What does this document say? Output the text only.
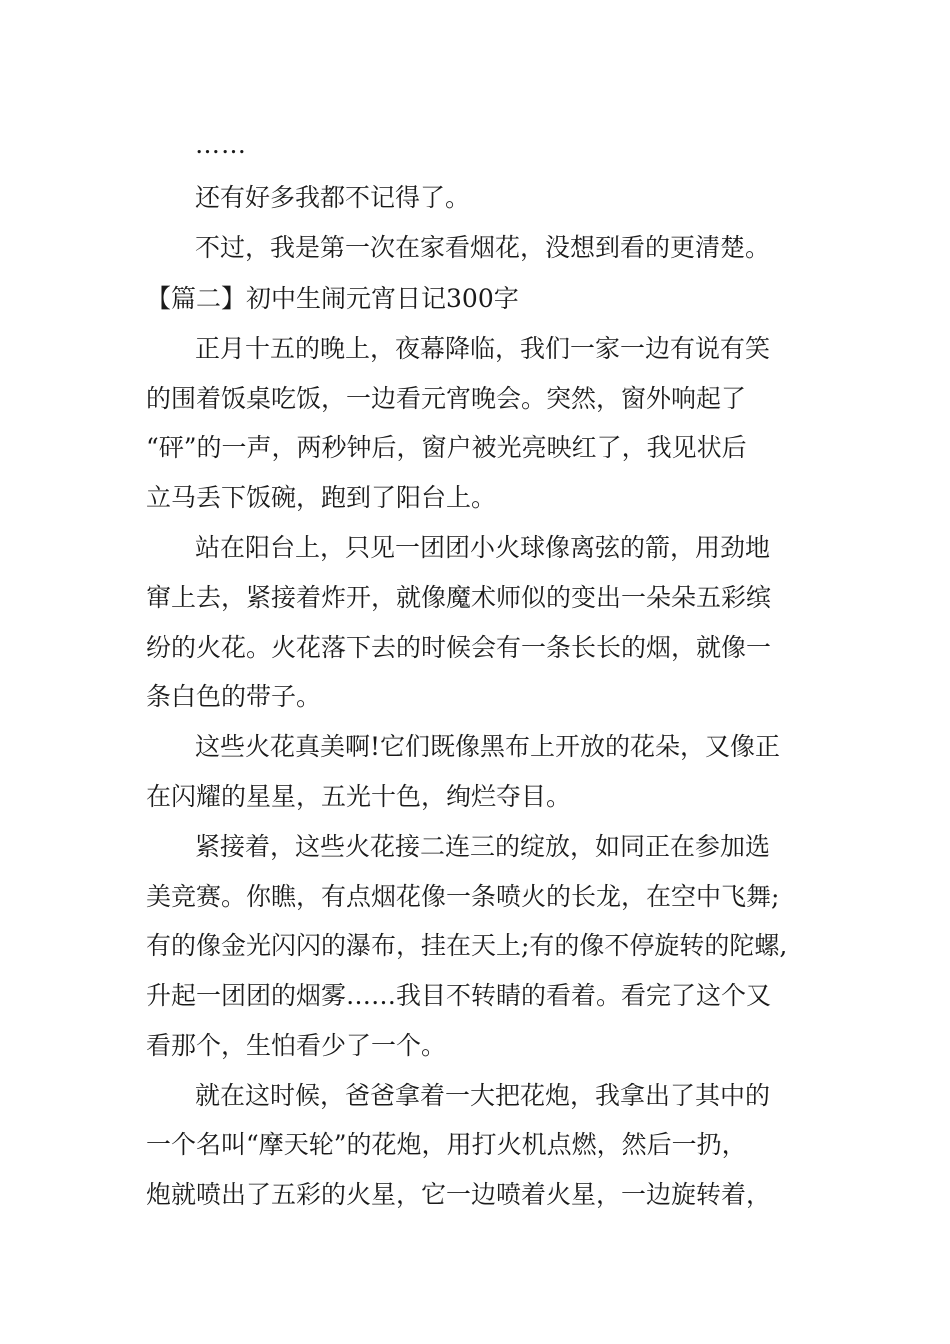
……
还有好多我都不记得了。
不过，我是第一次在家看烟花，没想到看的更清楚。
【篇二】初中生闹元宵日记300字
正月十五的晚上，夜幕降临，我们一家一边有说有笑
的围着饭桌吃饭，一边看元宵晚会。突然，窗外响起了
“砰”的一声，两秒钟后，窗户被光亮映红了，我见状后
立马丢下饭碗，跑到了阳台上。
站在阳台上，只见一团团小火球像离弦的箭，用劲地
窜上去，紧接着炸开，就像魔术师似的变出一朵朵五彩缤
纷的火花。火花落下去的时候会有一条长长的烟，就像一
条白色的带子。
这些火花真美啊!它们既像黑布上开放的花朵，又像正
在闪耀的星星，五光十色，绚烂夺目。
紧接着，这些火花接二连三的绽放，如同正在参加选
美竞赛。你瞧，有点烟花像一条喷火的长龙，在空中飞舞;
有的像金光闪闪的瀑布，挂在天上;有的像不停旋转的陀螺,
升起一团团的烟雾……我目不转睛的看着。看完了这个又
看那个，生怕看少了一个。
就在这时候，爸爸拿着一大把花炮，我拿出了其中的
一个名叫“摩天轮”的花炮，用打火机点燃，然后一扔，
炮就喷出了五彩的火星，它一边喷着火星，一边旋转着，
